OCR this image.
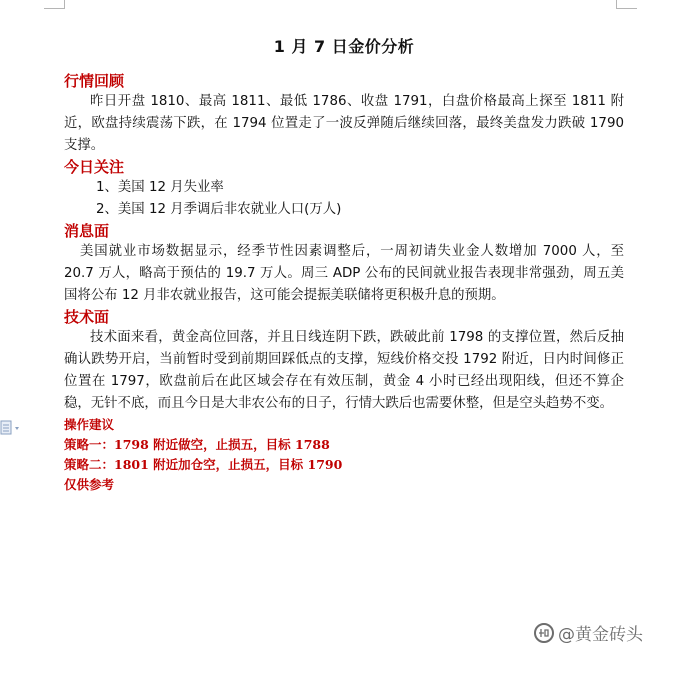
1 月 7 日金价分析

行情回顾

昨日开盘 1810、最高 1811、最低 1786、收盘 1791，白盘价格最高上探至 1811 附近，欧盘持续震荡下跌，在 1794 位置走了一波反弹随后继续回落，最终美盘发力跌破 1790 支撑。

今日关注

1、美国 12 月失业率

2、美国 12 月季调后非农就业人口(万人)

消息面

美国就业市场数据显示，经季节性因素调整后，一周初请失业金人数增加 7000 人，至 20.7 万人，略高于预估的 19.7 万人。周三 ADP 公布的民间就业报告表现非常强劲，周五美国将公布 12 月非农就业报告，这可能会提振美联储将更积极升息的预期。

技术面

技术面来看，黄金高位回落，并且日线连阴下跌，跌破此前 1798 的支撑位置，然后反抽确认跌势开启，当前暂时受到前期回踩低点的支撑，短线价格交投 1792 附近，日内时间修正位置在 1797，欧盘前后在此区域会存在有效压制，黄金 4 小时已经出现阳线，但还不算企稳，无针不底，而且今日是大非农公布的日子，行情大跌后也需要休整，但是空头趋势不变。

操作建议

策略一：1798 附近做空，止损五，目标 1788

策略二：1801 附近加仓空，止损五，目标 1790

仅供参考

@黄金砖头
